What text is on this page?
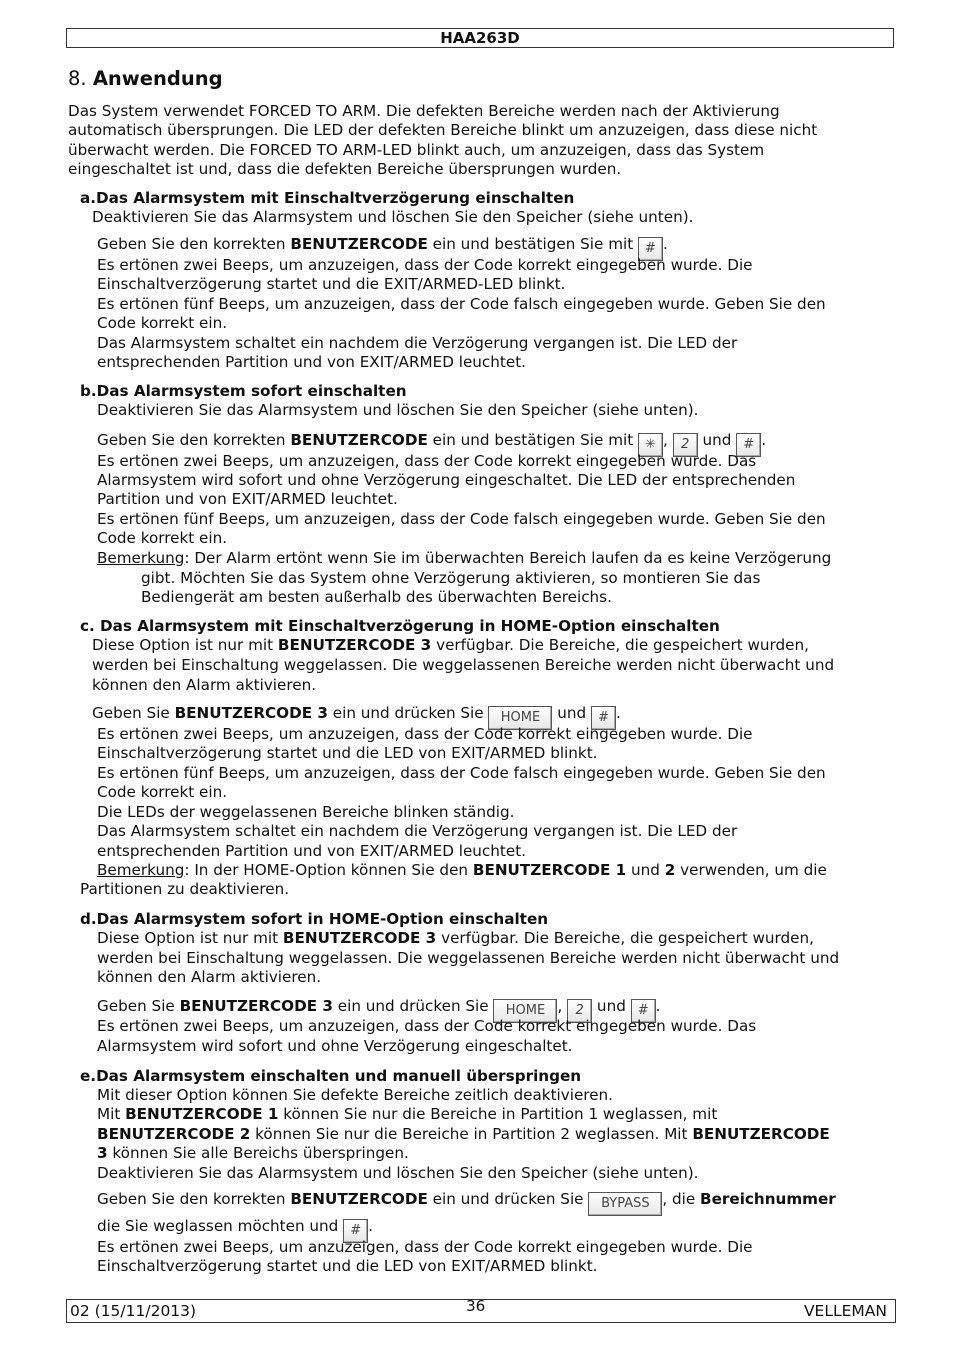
HAA263D
8. Anwendung
Das System verwendet FORCED TO ARM. Die defekten Bereiche werden nach der Aktivierung
automatisch übersprungen. Die LED der defekten Bereiche blinkt um anzuzeigen, dass diese nicht
überwacht werden. Die FORCED TO ARM-LED blinkt auch, um anzuzeigen, dass das System
eingeschaltet ist und, dass die defekten Bereiche übersprungen wurden.
a.Das Alarmsystem mit Einschaltverzögerung einschalten
Deaktivieren Sie das Alarmsystem und löschen Sie den Speicher (siehe unten).
Geben Sie den korrekten BENUTZERCODE ein und bestätigen Sie mit # .
Es ertönen zwei Beeps, um anzuzeigen, dass der Code korrekt eingegeben wurde. Die
Einschaltverzögerung startet und die EXIT/ARMED-LED blinkt.
Es ertönen fünf Beeps, um anzuzeigen, dass der Code falsch eingegeben wurde. Geben Sie den
Code korrekt ein.
Das Alarmsystem schaltet ein nachdem die Verzögerung vergangen ist. Die LED der
entsprechenden Partition und von EXIT/ARMED leuchtet.
b.Das Alarmsystem sofort einschalten
Deaktivieren Sie das Alarmsystem und löschen Sie den Speicher (siehe unten).
Geben Sie den korrekten BENUTZERCODE ein und bestätigen Sie mit ✳ , 2 und # .
Es ertönen zwei Beeps, um anzuzeigen, dass der Code korrekt eingegeben wurde. Das
Alarmsystem wird sofort und ohne Verzögerung eingeschaltet. Die LED der entsprechenden
Partition und von EXIT/ARMED leuchtet.
Es ertönen fünf Beeps, um anzuzeigen, dass der Code falsch eingegeben wurde. Geben Sie den
Code korrekt ein.
Bemerkung: Der Alarm ertönt wenn Sie im überwachten Bereich laufen da es keine Verzögerung
gibt. Möchten Sie das System ohne Verzögerung aktivieren, so montieren Sie das
Bediengerät am besten außerhalb des überwachten Bereichs.
c. Das Alarmsystem mit Einschaltverzögerung in HOME-Option einschalten
Diese Option ist nur mit BENUTZERCODE 3 verfügbar. Die Bereiche, die gespeichert wurden,
werden bei Einschaltung weggelassen. Die weggelassenen Bereiche werden nicht überwacht und
können den Alarm aktivieren.
Geben Sie BENUTZERCODE 3 ein und drücken Sie HOME und # .
Es ertönen zwei Beeps, um anzuzeigen, dass der Code korrekt eingegeben wurde. Die
Einschaltverzögerung startet und die LED von EXIT/ARMED blinkt.
Es ertönen fünf Beeps, um anzuzeigen, dass der Code falsch eingegeben wurde. Geben Sie den
Code korrekt ein.
Die LEDs der weggelassenen Bereiche blinken ständig.
Das Alarmsystem schaltet ein nachdem die Verzögerung vergangen ist. Die LED der
entsprechenden Partition und von EXIT/ARMED leuchtet.
Bemerkung: In der HOME-Option können Sie den BENUTZERCODE 1 und 2 verwenden, um die
Partitionen zu deaktivieren.
d.Das Alarmsystem sofort in HOME-Option einschalten
Diese Option ist nur mit BENUTZERCODE 3 verfügbar. Die Bereiche, die gespeichert wurden,
werden bei Einschaltung weggelassen. Die weggelassenen Bereiche werden nicht überwacht und
können den Alarm aktivieren.
Geben Sie BENUTZERCODE 3 ein und drücken Sie HOME , 2 und # .
Es ertönen zwei Beeps, um anzuzeigen, dass der Code korrekt eingegeben wurde. Das
Alarmsystem wird sofort und ohne Verzögerung eingeschaltet.
e.Das Alarmsystem einschalten und manuell überspringen
Mit dieser Option können Sie defekte Bereiche zeitlich deaktivieren.
Mit BENUTZERCODE 1 können Sie nur die Bereiche in Partition 1 weglassen, mit
BENUTZERCODE 2 können Sie nur die Bereiche in Partition 2 weglassen. Mit BENUTZERCODE
3 können Sie alle Bereichs überspringen.
Deaktivieren Sie das Alarmsystem und löschen Sie den Speicher (siehe unten).
Geben Sie den korrekten BENUTZERCODE ein und drücken Sie BYPASS , die Bereichnummer
die Sie weglassen möchten und # .
Es ertönen zwei Beeps, um anzuzeigen, dass der Code korrekt eingegeben wurde. Die
Einschaltverzögerung startet und die LED von EXIT/ARMED blinkt.
02 (15/11/2013)	VELLEMAN
36
